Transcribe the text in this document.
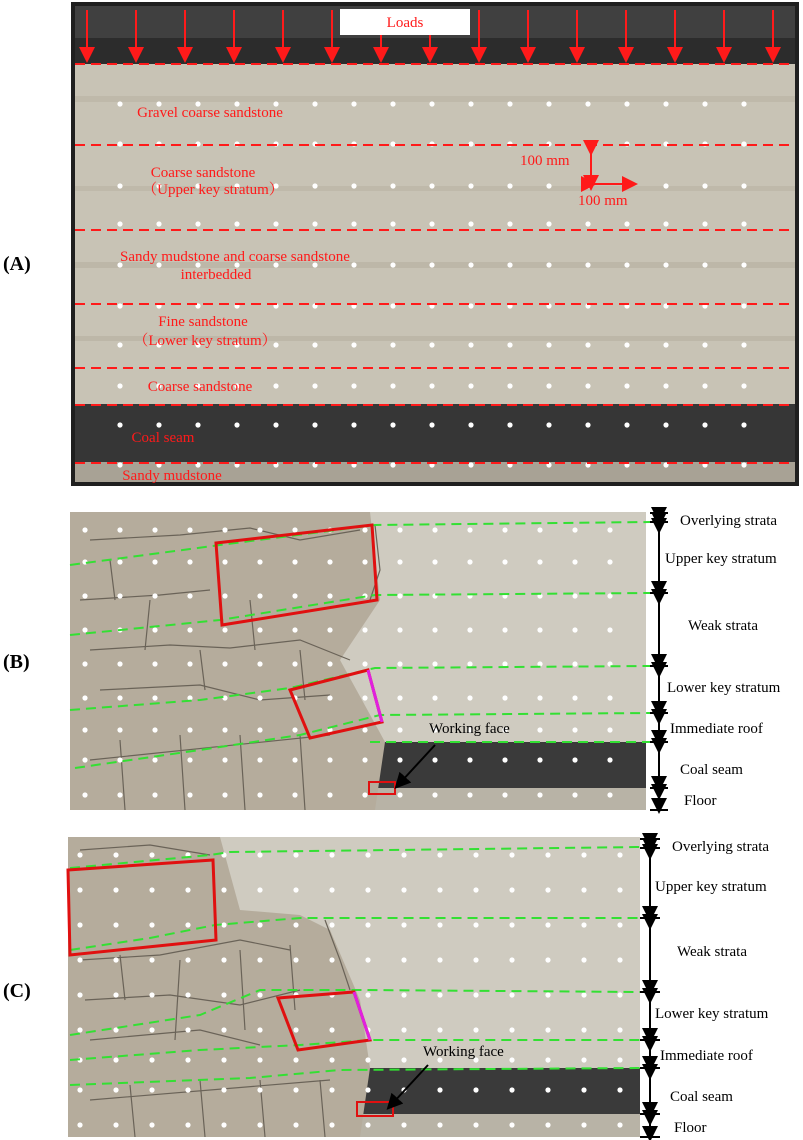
(A)
(B)
(C)
Loads
Gravel coarse sandstone
Coarse sandstone
（Upper key stratum）
Sandy mudstone and coarse sandstone
interbedded
Fine sandstone
（Lower key stratum）
Coarse sandstone
Coal seam
Sandy mudstone
100 mm
100 mm
Working face
Overlying strata
Upper key stratum
Weak strata
Lower key stratum
Immediate roof
Coal seam
Floor
Working face
Overlying strata
Upper key stratum
Weak strata
Lower key stratum
Immediate roof
Coal seam
Floor
